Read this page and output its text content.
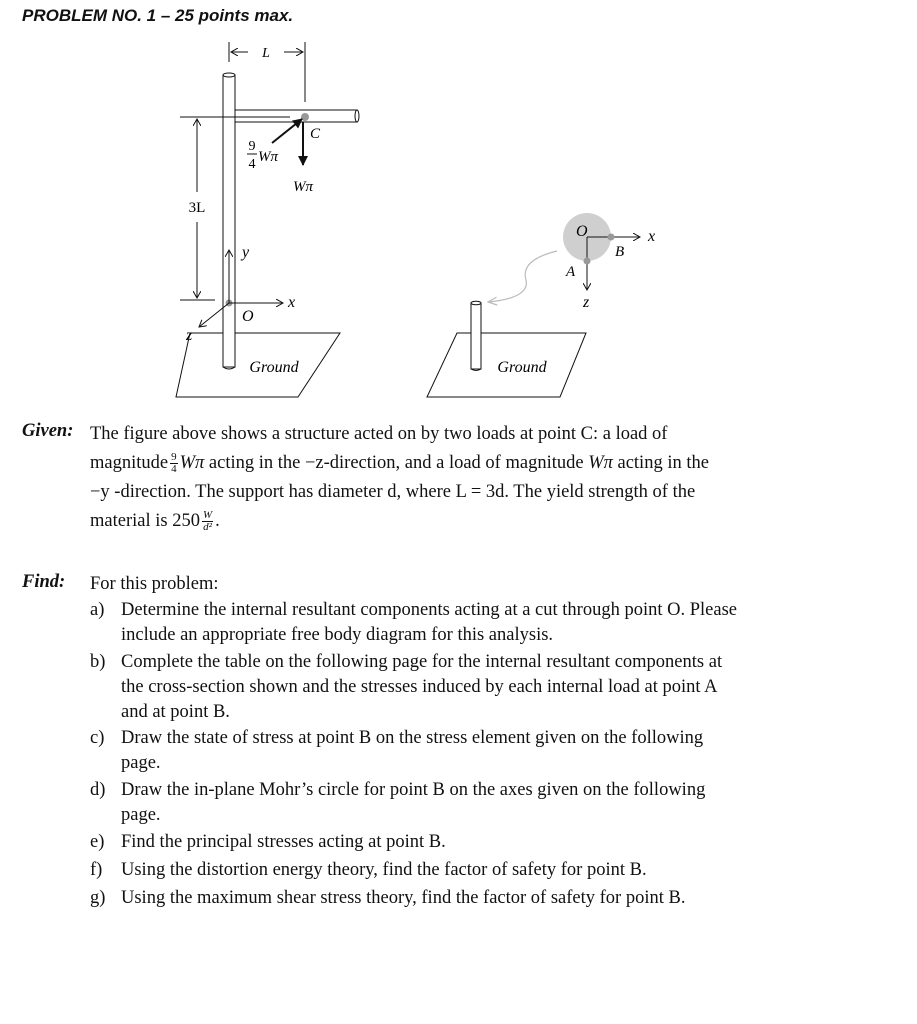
PROBLEM NO. 1 – 25 points max.
L
Ground
3L
C
9
4 Wπ
Wπ
y
x
z
O
Ground
O	x
B
A
z
Given: The figure above shows a structure acted on by two loads at point C: a load of
magnitude $\frac{9}{4}$ Wπ acting in the −z-direction, and a load of magnitude Wπ acting in the
−y -direction. The support has diameter d, where L = 3d. The yield strength of the
material is $250 \frac{W}{\text{d²}}$ .
Find: For this problem:
a) Determine the internal resultant components acting at a cut through point O. Please
include an appropriate free body diagram for this analysis.
b) Complete the table on the following page for the internal resultant components at
the cross-section shown and the stresses induced by each internal load at point A
and at point B.
c) Draw the state of stress at point B on the stress element given on the following
page.
d) Draw the in-plane Mohr’s circle for point B on the axes given on the following
page.
e) Find the principal stresses acting at point B.
f) Using the distortion energy theory, find the factor of safety for point B.
g) Using the maximum shear stress theory, find the factor of safety for point B.
